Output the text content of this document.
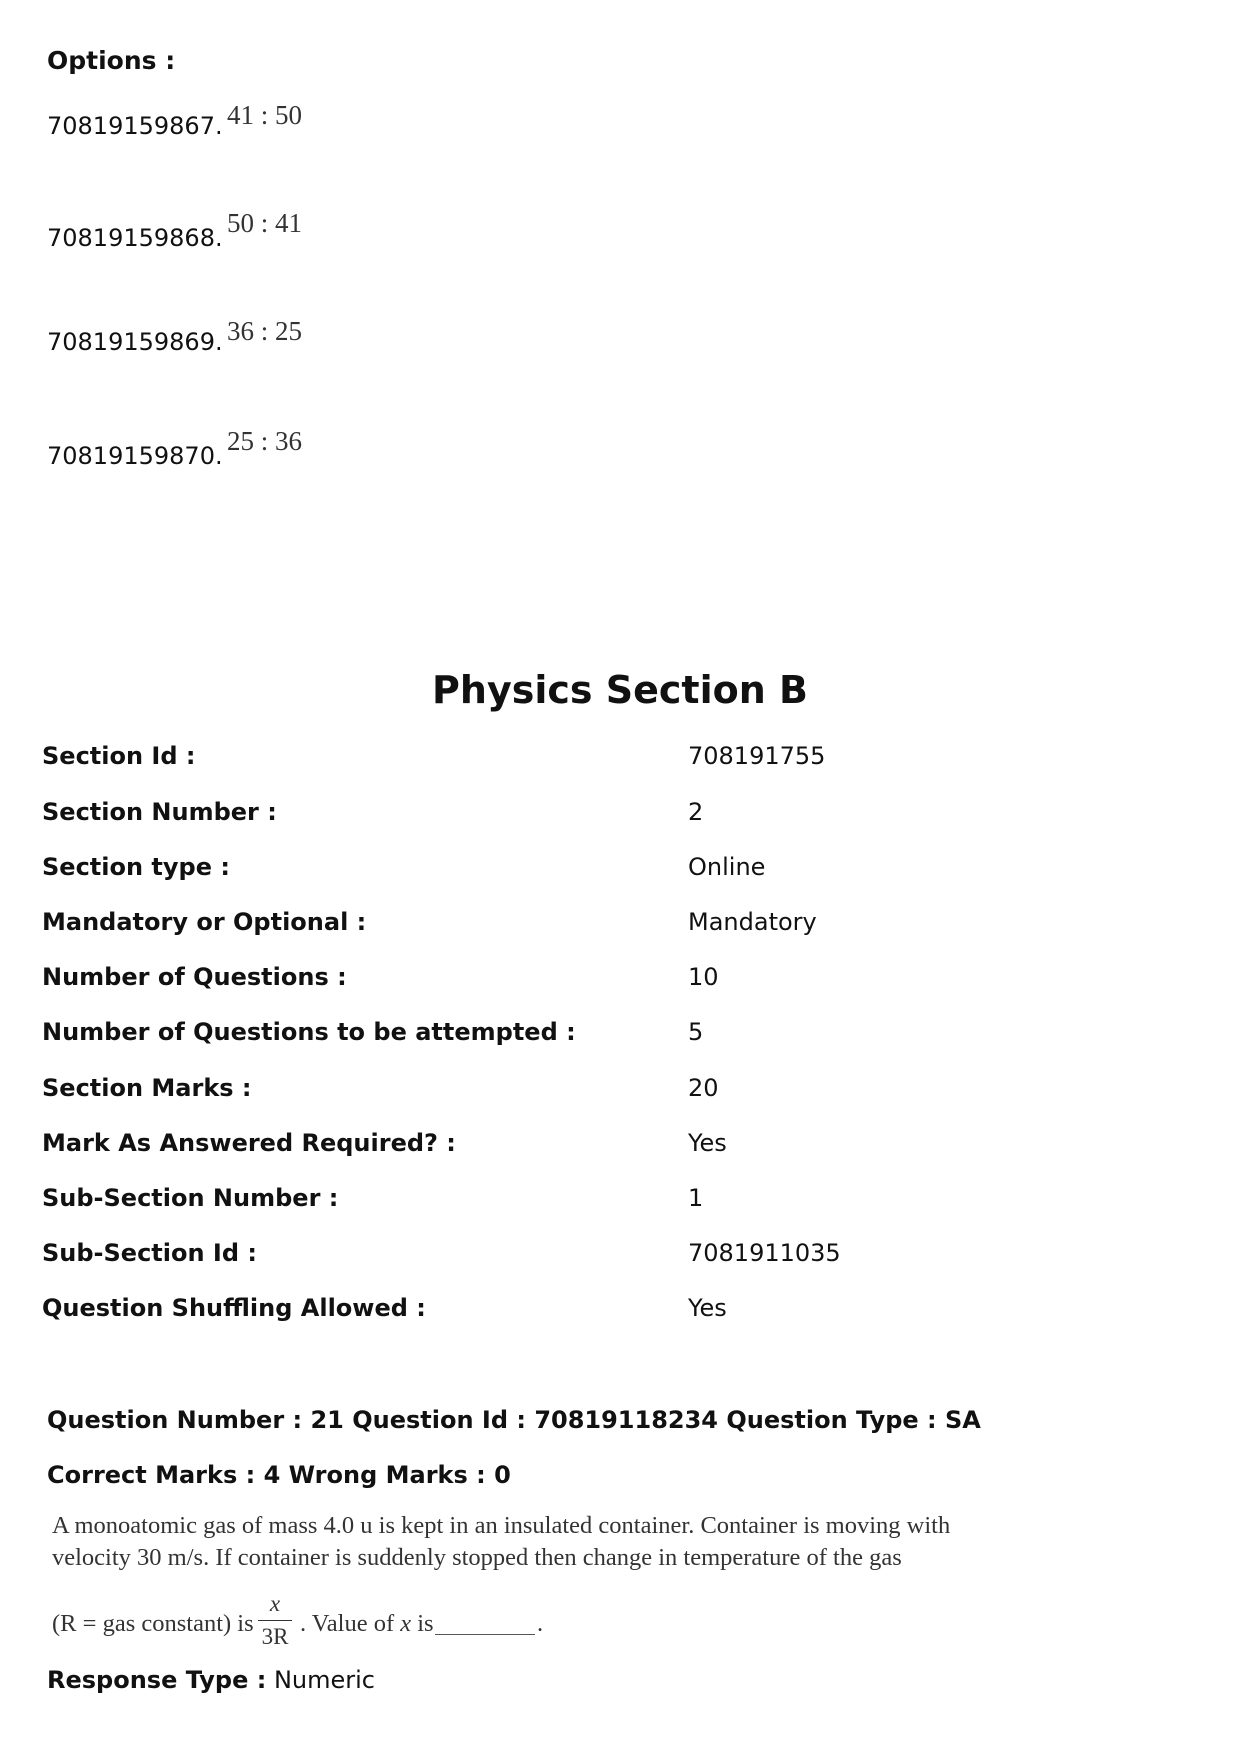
Options :
70819159867. 41 : 50
70819159868. 50 : 41
70819159869. 36 : 25
70819159870. 25 : 36
Physics Section B
Section Id :	708191755
Section Number :	2
Section type :	Online
Mandatory or Optional :	Mandatory
Number of Questions :	10
Number of Questions to be attempted :	5
Section Marks :	20
Mark As Answered Required? :	Yes
Sub-Section Number :	1
Sub-Section Id :	7081911035
Question Shuffling Allowed :	Yes
Question Number : 21 Question Id : 70819118234 Question Type : SA
Correct Marks : 4 Wrong Marks : 0
A monoatomic gas of mass 4.0 u is kept in an insulated container. Container is moving with
velocity 30 m/s. If container is suddenly stopped then change in temperature of the gas
(R = gas constant) is
x
3R . Value of x is	.
Response Type : Numeric
